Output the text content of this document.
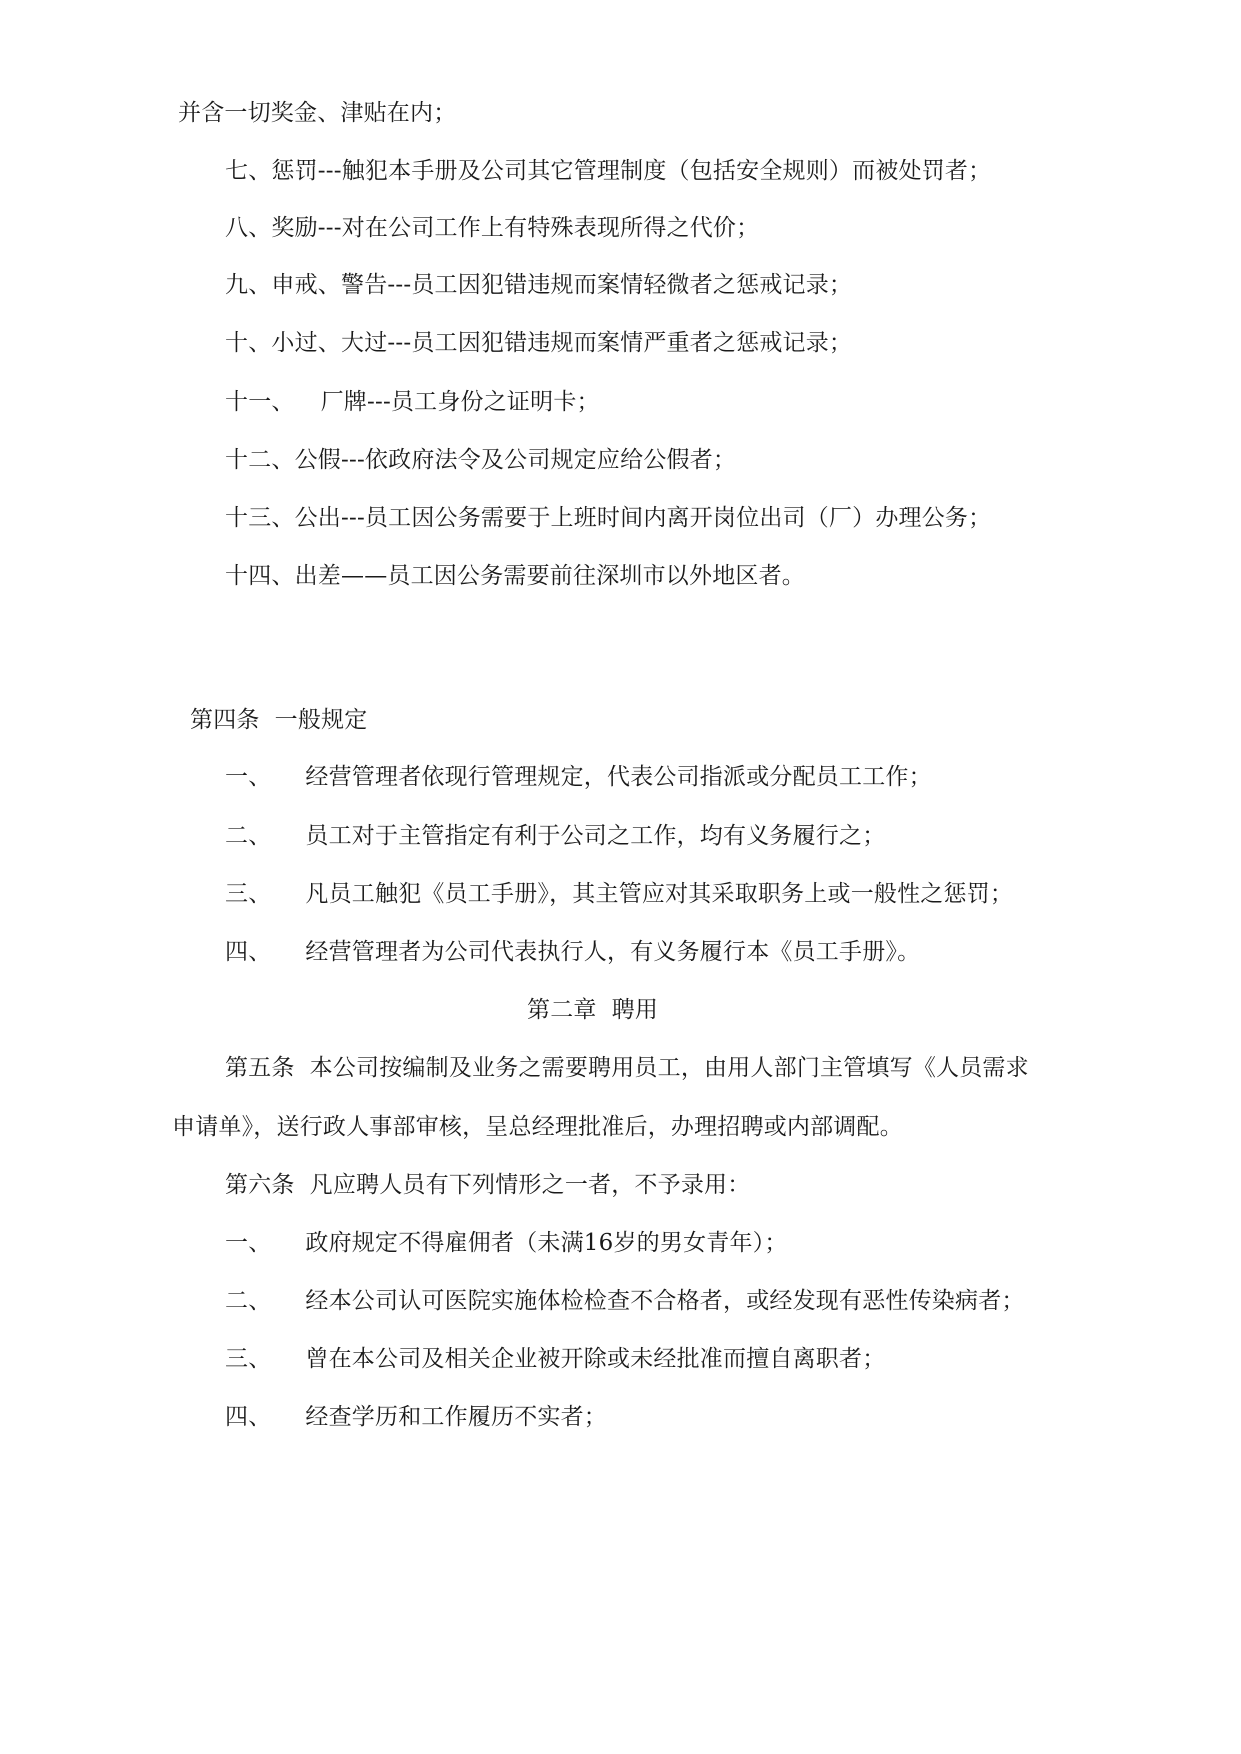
并含一切奖金、津贴在内；
七、惩罚---触犯本手册及公司其它管理制度（包括安全规则）而被处罚者；
八、奖励---对在公司工作上有特殊表现所得之代价；
九、申戒、警告---员工因犯错违规而案情轻微者之惩戒记录；
十、小过、大过---员工因犯错违规而案情严重者之惩戒记录；
十一、 厂牌---员工身份之证明卡；
十二、公假---依政府法令及公司规定应给公假者；
十三、公出---员工因公务需要于上班时间内离开岗位出司（厂）办理公务；
十四、出差——员工因公务需要前往深圳市以外地区者。
第四条  一般规定
一、 经营管理者依现行管理规定，代表公司指派或分配员工工作；
二、 员工对于主管指定有利于公司之工作，均有义务履行之；
三、 凡员工触犯《员工手册》，其主管应对其采取职务上或一般性之惩罚；
四、 经营管理者为公司代表执行人，有义务履行本《员工手册》。
第二章  聘用
第五条  本公司按编制及业务之需要聘用员工，由用人部门主管填写《人员需求
申请单》，送行政人事部审核，呈总经理批准后，办理招聘或内部调配。
第六条  凡应聘人员有下列情形之一者，不予录用：
一、 政府规定不得雇佣者（未满16岁的男女青年）；
二、 经本公司认可医院实施体检检查不合格者，或经发现有恶性传染病者；
三、 曾在本公司及相关企业被开除或未经批准而擅自离职者；
四、 经查学历和工作履历不实者；
